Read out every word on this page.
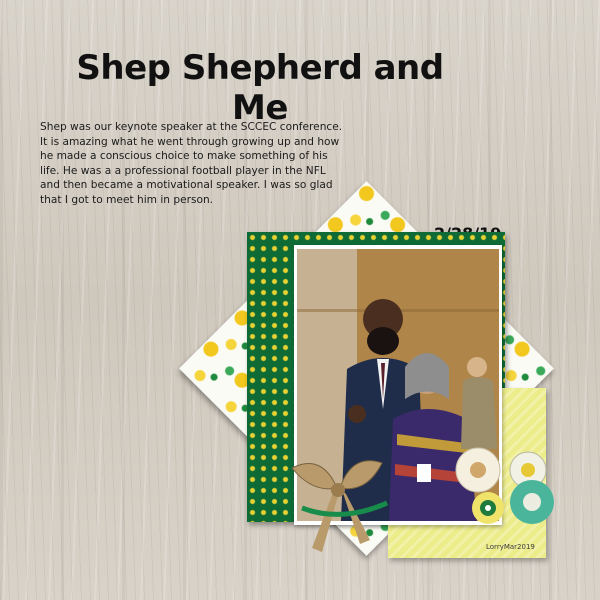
Shep Shepherd and Me

Shep was our keynote speaker at the SCCEC conference. It is amazing what he went through growing up and how he made a conscious choice to make something of his life. He was a a professional football player in the NFL and then became a motivational speaker. I was so glad that I got to meet him in person.

LorryMar2019
